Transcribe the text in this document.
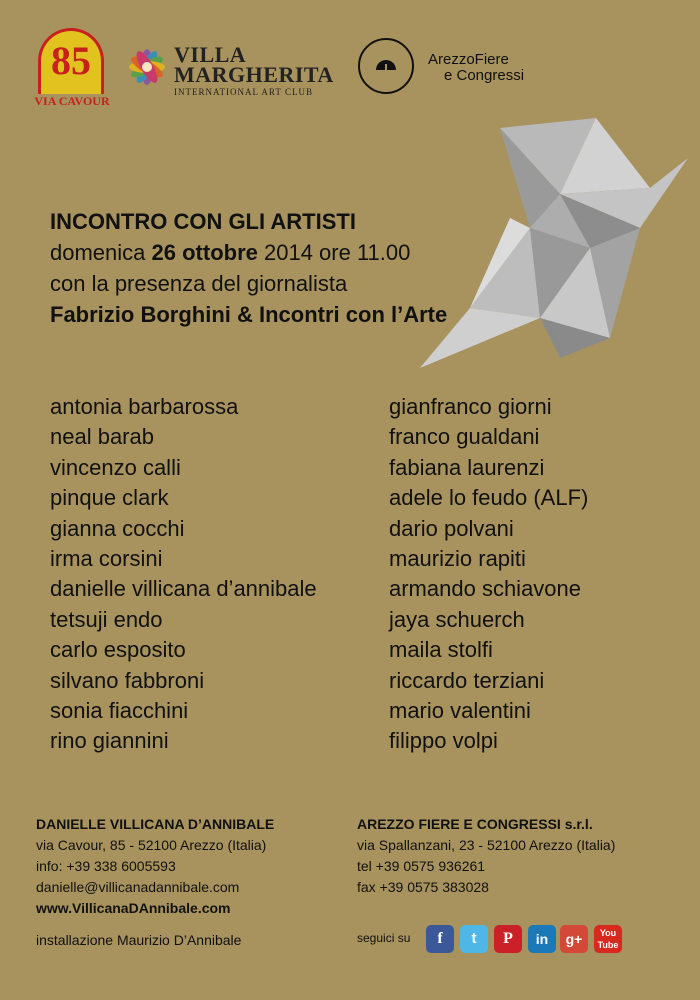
85
VIA CAVOUR
VILLA
MARGHERITA
INTERNATIONAL ART CLUB
ArezzoFiere
e Congressi
INCONTRO CON GLI ARTISTI
domenica 26 ottobre 2014 ore 11.00
con la presenza del giornalista
Fabrizio Borghini & Incontri con l’Arte
antonia barbarossa
neal barab
vincenzo calli
pinque clark
gianna cocchi
irma corsini
danielle villicana d’annibale
tetsuji endo
carlo esposito
silvano fabbroni
sonia fiacchini
rino giannini
gianfranco giorni
franco gualdani
fabiana laurenzi
adele lo feudo (ALF)
dario polvani
maurizio rapiti
armando schiavone
jaya schuerch
maila stolfi
riccardo terziani
mario valentini
filippo volpi
DANIELLE VILLICANA D’ANNIBALE
via Cavour, 85 - 52100 Arezzo (Italia)
info: +39 338 6005593
danielle@villicanadannibale.com
www.VillicanaDAnnibale.com
AREZZO FIERE E CONGRESSI s.r.l.
via Spallanzani, 23 - 52100 Arezzo (Italia)
tel +39 0575 936261
fax +39 0575 383028
installazione Maurizio D’Annibale	seguici su	f	t	P	in	g+	You
Tube
